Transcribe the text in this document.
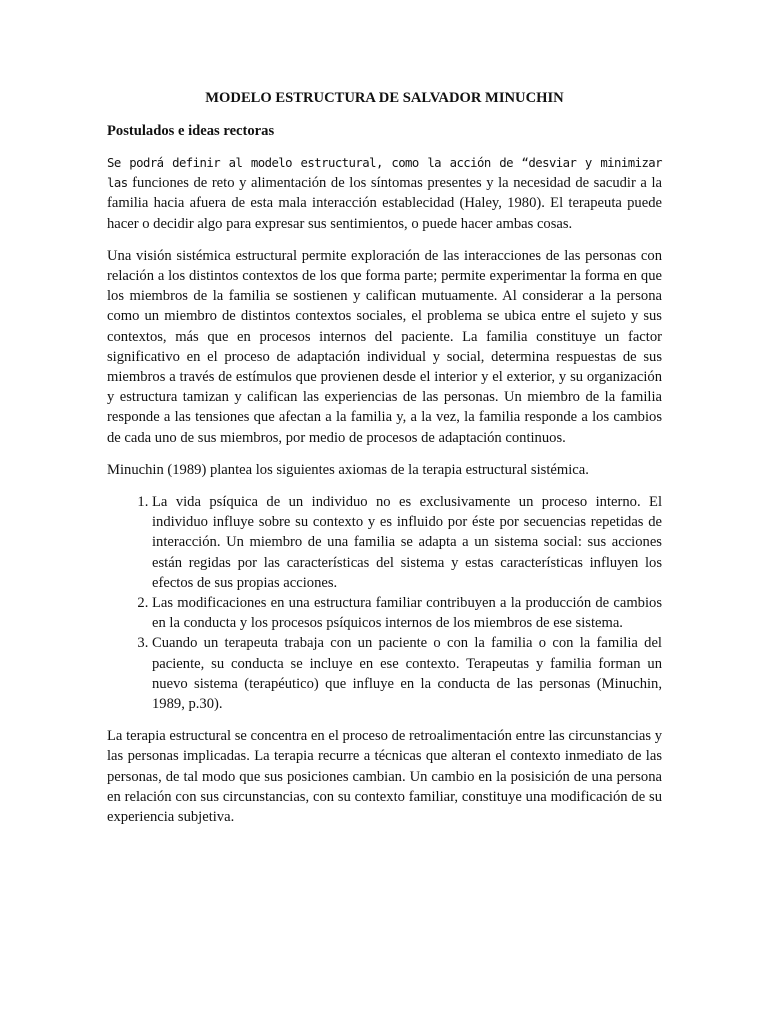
MODELO ESTRUCTURA DE SALVADOR MINUCHIN
Postulados e ideas rectoras

Se podrá definir al modelo estructural, como la acción de “desviar y minimizar las funciones de reto y alimentación de los síntomas presentes y la necesidad de sacudir a la familia hacia afuera de esta mala interacción establecidad (Haley, 1980). El terapeuta puede hacer o decidir algo para expresar sus sentimientos, o puede hacer ambas cosas.

Una visión sistémica estructural permite exploración de las interacciones de las personas con relación a los distintos contextos de los que forma parte; permite experimentar la forma en que los miembros de la familia se sostienen y califican mutuamente. Al considerar a la persona como un miembro de distintos contextos sociales, el problema se ubica entre el sujeto y sus contextos, más que en procesos internos del paciente. La familia constituye un factor significativo en el proceso de adaptación individual y social, determina respuestas de sus miembros a través de estímulos que provienen desde el interior y el exterior, y su organización y estructura tamizan y califican las experiencias de las personas. Un miembro de la familia responde a las tensiones que afectan a la familia y, a la vez, la familia responde a los cambios de cada uno de sus miembros, por medio de procesos de adaptación continuos.

Minuchin (1989) plantea los siguientes axiomas de la terapia estructural sistémica.

1. La vida psíquica de un individuo no es exclusivamente un proceso interno. El individuo influye sobre su contexto y es influido por éste por secuencias repetidas de interacción. Un miembro de una familia se adapta a un sistema social: sus acciones están regidas por las características del sistema y estas características influyen los efectos de sus propias acciones.
2. Las modificaciones en una estructura familiar contribuyen a la producción de cambios en la conducta y los procesos psíquicos internos de los miembros de ese sistema.
3. Cuando un terapeuta trabaja con un paciente o con la familia o con la familia del paciente, su conducta se incluye en ese contexto. Terapeutas y familia forman un nuevo sistema (terapéutico) que influye en la conducta de las personas (Minuchin, 1989, p.30).

La terapia estructural se concentra en el proceso de retroalimentación entre las circunstancias y las personas implicadas. La terapia recurre a técnicas que alteran el contexto inmediato de las personas, de tal modo que sus posiciones cambian. Un cambio en la posisición de una persona en relación con sus circunstancias, con su contexto familiar, constituye una modificación de su experiencia subjetiva.
